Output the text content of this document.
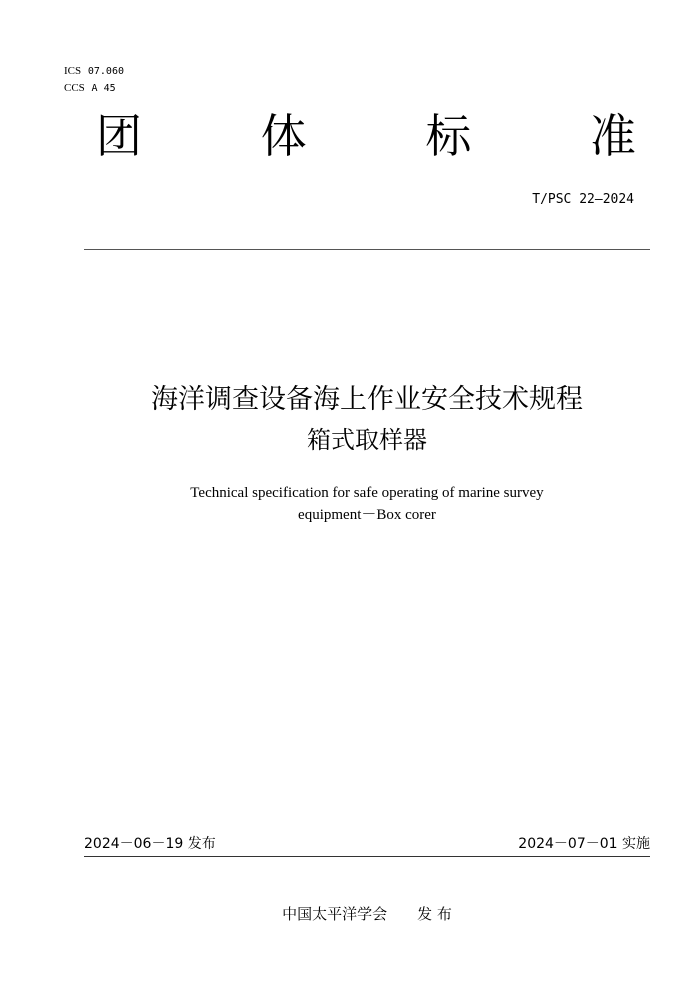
ICS 07.060
CCS A 45
团	体	标	准
T/PSC 22—2024
海洋调查设备海上作业安全技术规程
箱式取样器
Technical specification for safe operating of marine survey
equipment－Box corer
2024－06－19 发布	2024－07－01 实施
中国太平洋学会 发 布
